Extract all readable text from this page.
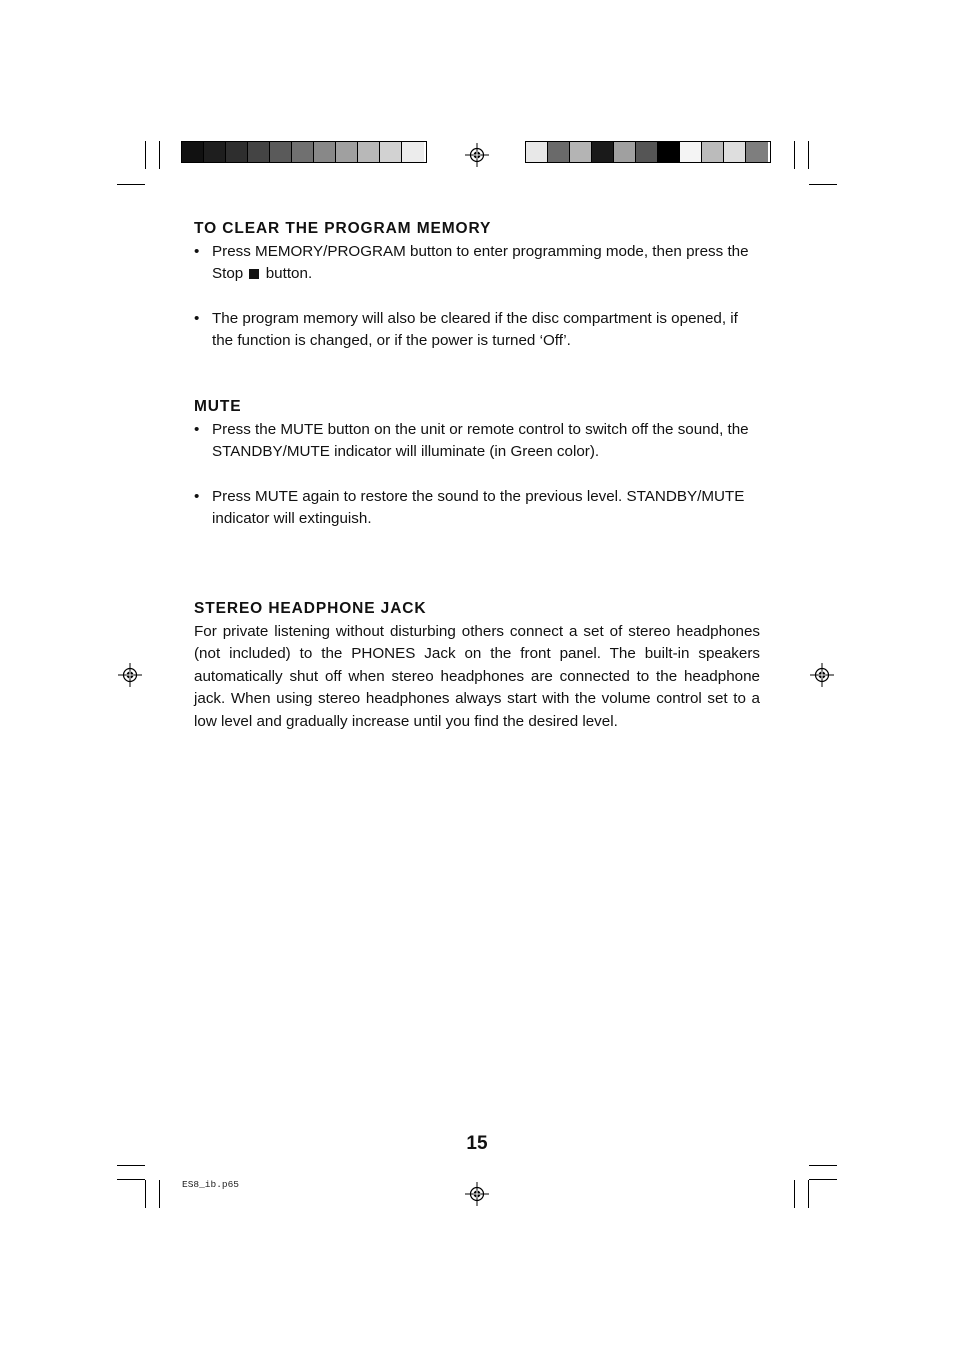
TO CLEAR THE PROGRAM MEMORY

• Press MEMORY/PROGRAM button to enter programming mode, then press the Stop button.

• The program memory will also be cleared if the disc compartment is opened, if the function is changed, or if the power is turned ‘Off’.

MUTE

• Press the MUTE button on the unit or remote control to switch off the sound, the STANDBY/MUTE indicator will illuminate (in Green color).

• Press MUTE again to restore the sound to the previous level. STANDBY/MUTE indicator will extinguish.

STEREO HEADPHONE JACK

For private listening without disturbing others connect a set of stereo headphones (not included) to the PHONES Jack on the front panel. The built-in speakers automatically shut off when stereo headphones are connected to the headphone jack. When using stereo headphones always start with the volume control set to a low level and gradually increase until you find the desired level.

15
ES8_ib.p65
